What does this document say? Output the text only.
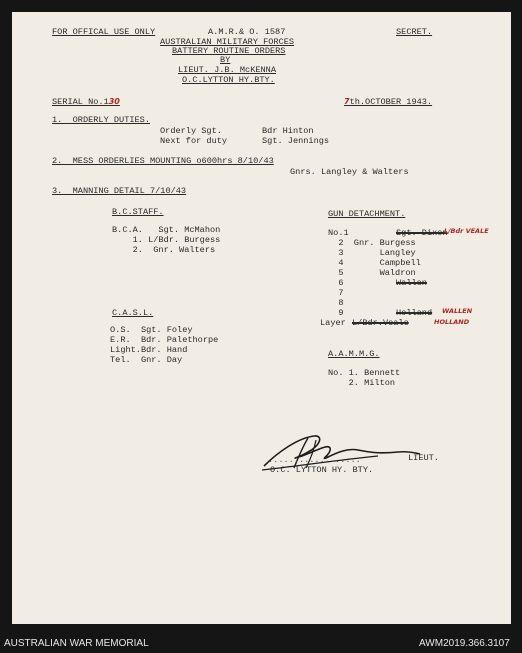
FOR OFFICAL USE ONLY	A.M.R.& O. 1587	SECRET.
AUSTRALIAN MILITARY FORCES
BATTERY ROUTINE ORDERS
BY
LIEUT. J.B. McKENNA
O.C.LYTTON HY.BTY.
SERIAL No.130	7th.OCTOBER 1943.
1.  ORDERLY DUTIES.
Orderly Sgt.	Bdr Hinton
Next for duty	Sgt. Jennings
2.  MESS ORDERLIES MOUNTING o600hrs 8/10/43
Gnrs. Langley & Walters
3.  MANNING DETAIL 7/10/43
B.C.STAFF.
B.C.A.   Sgt. McMahon
1. L/Bdr. Burgess
2.  Gnr. Walters
GUN DETACHMENT.
No.1	Sgt. Dixon
L/Bdr VEALE
2  Gnr. Burgess
3       Langley
4       Campbell
5       Waldron
6	Wallen
7
8
9	Holland WALLEN
Layer L/Bdr.Veale	HOLLAND
C.A.S.L.
O.S.  Sgt. Foley
E.R.  Bdr. Palethorpe
Light.Bdr. Hand
Tel.  Gnr. Day
A.A.M.M.G.
No. 1. Bennett
2. Milton
..................	LIEUT.
O.C. LYTTON HY. BTY.
AUSTRALIAN WAR MEMORIAL	AWM2019.366.3107
